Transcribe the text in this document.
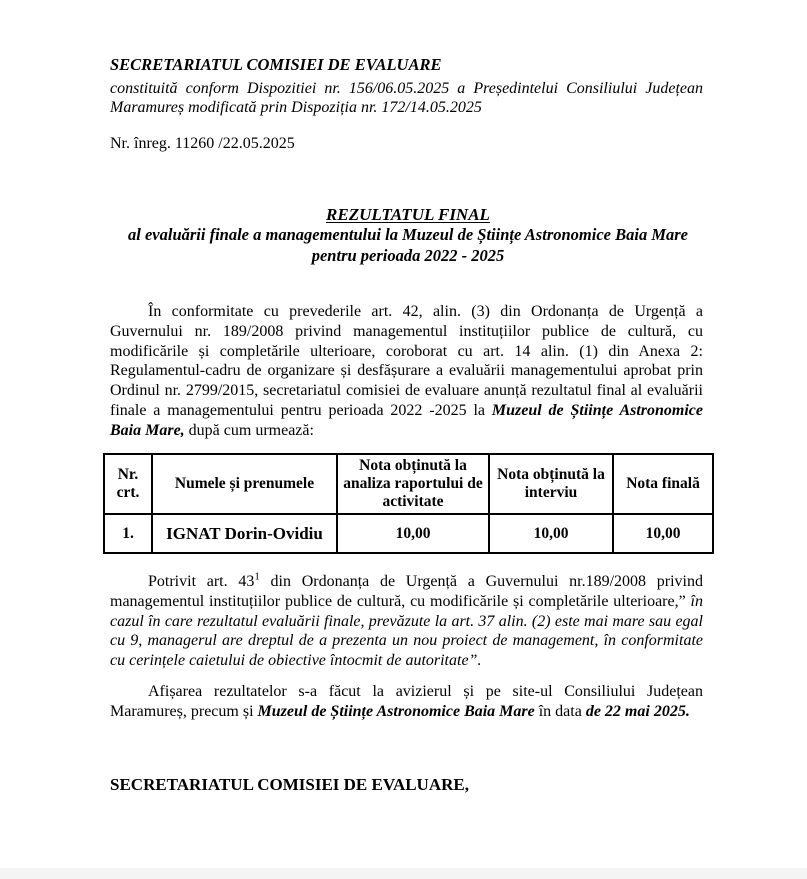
SECRETARIATUL COMISIEI DE EVALUARE
constituită conform Dispozitiei nr. 156/06.05.2025 a Președintelui Consiliului Județean Maramureș modificată prin Dispoziția nr. 172/14.05.2025
Nr. înreg. 11260 /22.05.2025
REZULTATUL FINAL
al evaluării finale a managementului la Muzeul de Științe Astronomice Baia Mare
pentru perioada 2022 - 2025
În conformitate cu prevederile art. 42, alin. (3) din Ordonanța de Urgență a Guvernului nr. 189/2008 privind managementul instituțiilor publice de cultură, cu modificările și completările ulterioare, coroborat cu art. 14 alin. (1) din Anexa 2: Regulamentul-cadru de organizare și desfășurare a evaluării managementului aprobat prin Ordinul nr. 2799/2015, secretariatul comisiei de evaluare anunță rezultatul final al evaluării finale a managementului pentru perioada 2022 -2025 la Muzeul de Științe Astronomice Baia Mare, după cum urmează:
Nr. crt.	Numele și prenumele	Nota obținută la analiza raportului de activitate	Nota obținută la interviu	Nota finală
1.	IGNAT Dorin-Ovidiu	10,00	10,00	10,00
Potrivit art. $43^1$ din Ordonanța de Urgență a Guvernului nr.189/2008 privind managementul instituțiilor publice de cultură, cu modificările și completările ulterioare,” în cazul în care rezultatul evaluării finale, prevăzute la art. 37 alin. (2) este mai mare sau egal cu 9, managerul are dreptul de a prezenta un nou proiect de management, în conformitate cu cerințele caietului de obiective întocmit de autoritate”.
Afișarea rezultatelor s-a făcut la avizierul și pe site-ul Consiliului Județean Maramureș, precum și Muzeul de Științe Astronomice Baia Mare în data de 22 mai 2025.
SECRETARIATUL COMISIEI DE EVALUARE,
